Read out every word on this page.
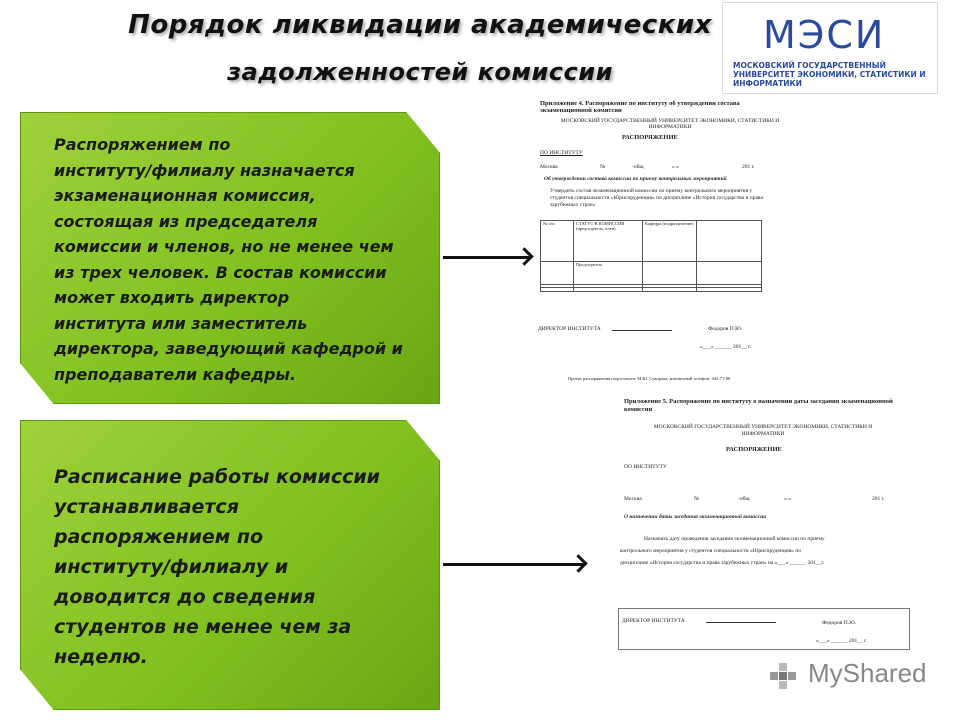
Порядок ликвидации академических
задолженностей комиссии
МЭСИ
МОСКОВСКИЙ ГОСУДАРСТВЕННЫЙ УНИВЕРСИТЕТ ЭКОНОМИКИ, СТАТИСТИКИ И ИНФОРМАТИКИ
Распоряжением по
институту/филиалу назначается
экзаменационная комиссия,
состоящая из председателя
комиссии и членов, но не менее чем
из трех человек. В состав комиссии
может входить директор
института или заместитель
директора, заведующий кафедрой и
преподаватели кафедры.
Расписание работы комиссии
устанавливается
распоряжением по
институту/филиалу и
доводится до сведения
студентов не менее чем за
неделю.
Приложение 4. Распоряжение по институту об утверждении состава экзаменационной комиссии
МОСКОВСКИЙ ГОСУДАРСТВЕННЫЙ УНИВЕРСИТЕТ ЭКОНОМИКИ, СТАТИСТИКИ И ИНФОРМАТИКИ
РАСПОРЯЖЕНИЕ
ПО ИНСТИТУТУ
Москва	№	-общ	« »	201 г.
Об утверждении состава комиссии по приему контрольных мероприятий
Утвердить состав экзаменационной комиссии по приему контрольного мероприятия у студентов специальности «Юриспруденция» по дисциплине «История государства и права зарубежных стран»
№ п/п	СТАТУС В КОМИССИИ (председатель, член)	Кафедра (подразделение)	
	Председатель		

ДИРЕКТОР ИНСТИТУТА	Федоров П.Ю.
«___» ______ 201__ г.
Проект распоряжения подготовлен: М.Ю. Суворова, контактный телефон: 442-71-86
Приложение 5. Распоряжение по институту о назначении даты заседания экзаменационной комиссии
МОСКОВСКИЙ ГОСУДАРСТВЕННЫЙ УНИВЕРСИТЕТ ЭКОНОМИКИ, СТАТИСТИКИ И ИНФОРМАТИКИ
РАСПОРЯЖЕНИЕ
ПО ИНСТИТУТУ
Москва	№	-общ	« »	201 г.
О назначении даты заседания экзаменационной комиссии
Назначить дату проведения заседания экзаменационной комиссии по приему
контрольного мероприятия у студентов специальности «Юриспруденция» по
дисциплине «История государства и права зарубежных стран» на «___» ______ 201__г.
ДИРЕКТОР ИНСТИТУТА	Федоров П.Ю.
«___» ______ 201__ г.
MyShared
